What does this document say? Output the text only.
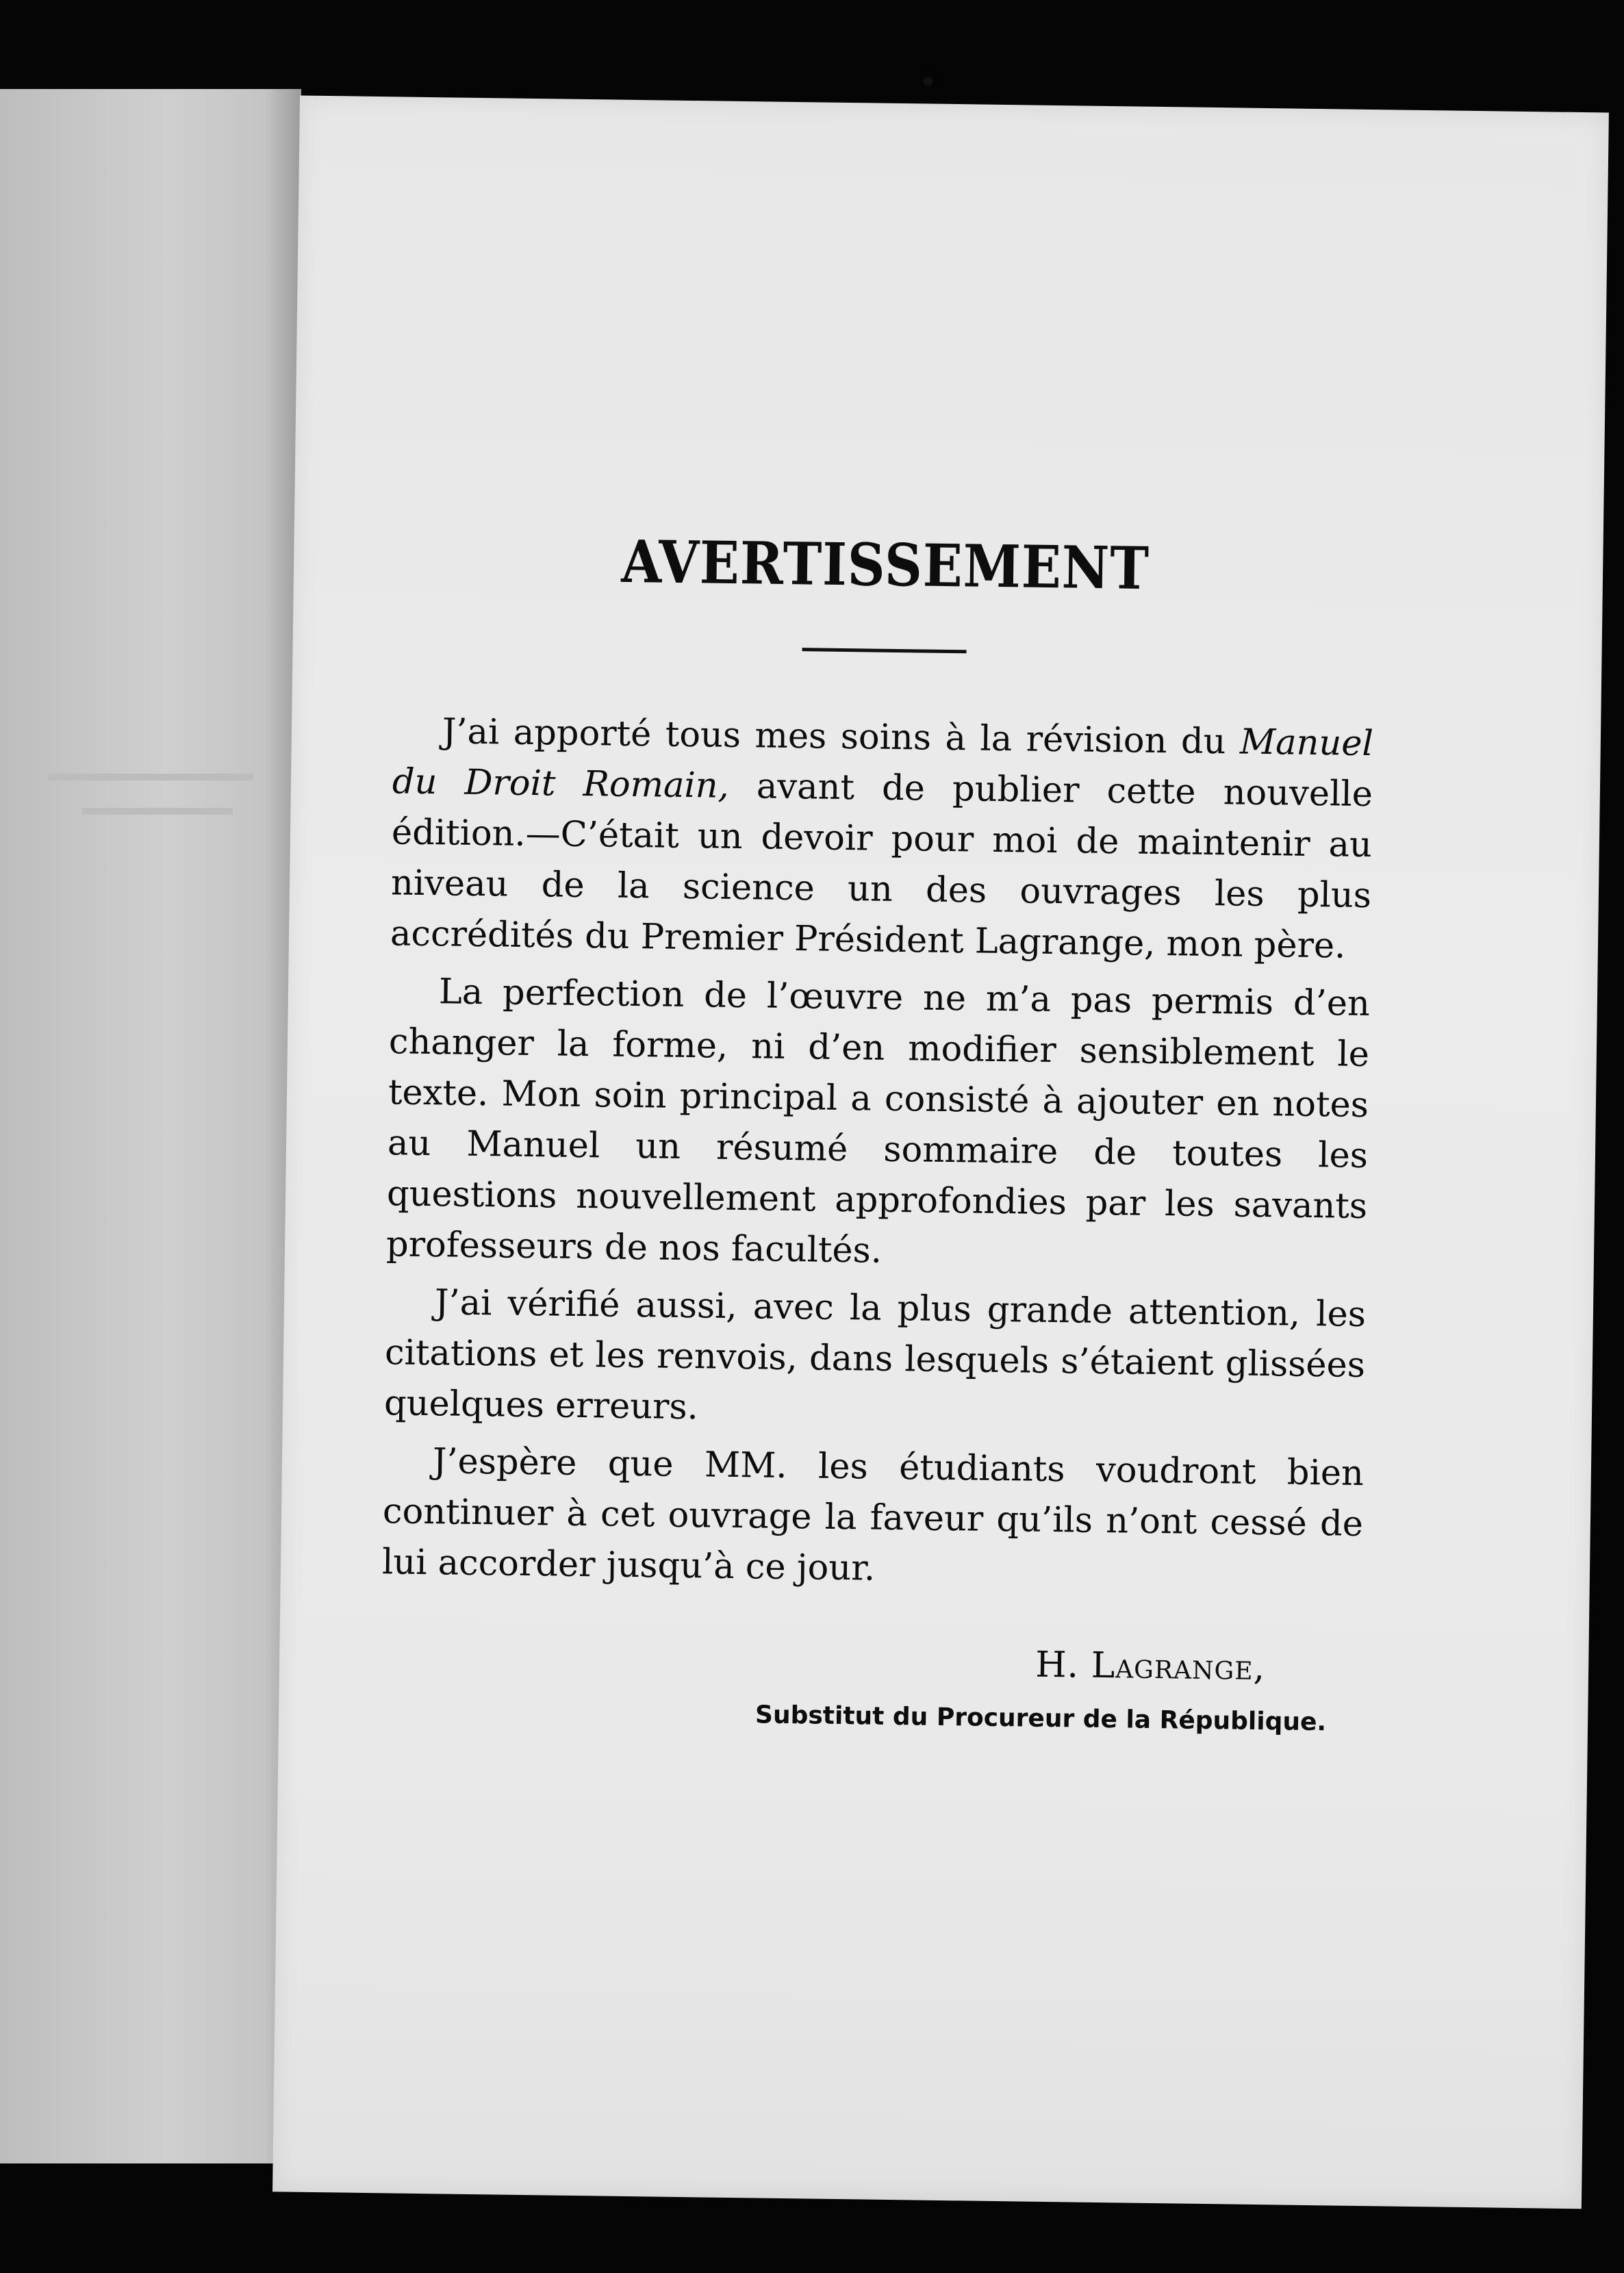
AVERTISSEMENT

J’ai apporté tous mes soins à la révision du Manuel du Droit Romain, avant de publier cette nouvelle édition.—C’était un devoir pour moi de maintenir au niveau de la science un des ouvrages les plus accrédités du Premier Président Lagrange, mon père.

La perfection de l’œuvre ne m’a pas permis d’en changer la forme, ni d’en modifier sensiblement le texte. Mon soin principal a consisté à ajouter en notes au Manuel un résumé sommaire de toutes les questions nouvellement approfondies par les savants professeurs de nos facultés.

J’ai vérifié aussi, avec la plus grande attention, les citations et les renvois, dans lesquels s’étaient glissées quelques erreurs.

J’espère que MM. les étudiants voudront bien continuer à cet ouvrage la faveur qu’ils n’ont cessé de lui accorder jusqu’à ce jour.

H. Lagrange,
Substitut du Procureur de la République.
